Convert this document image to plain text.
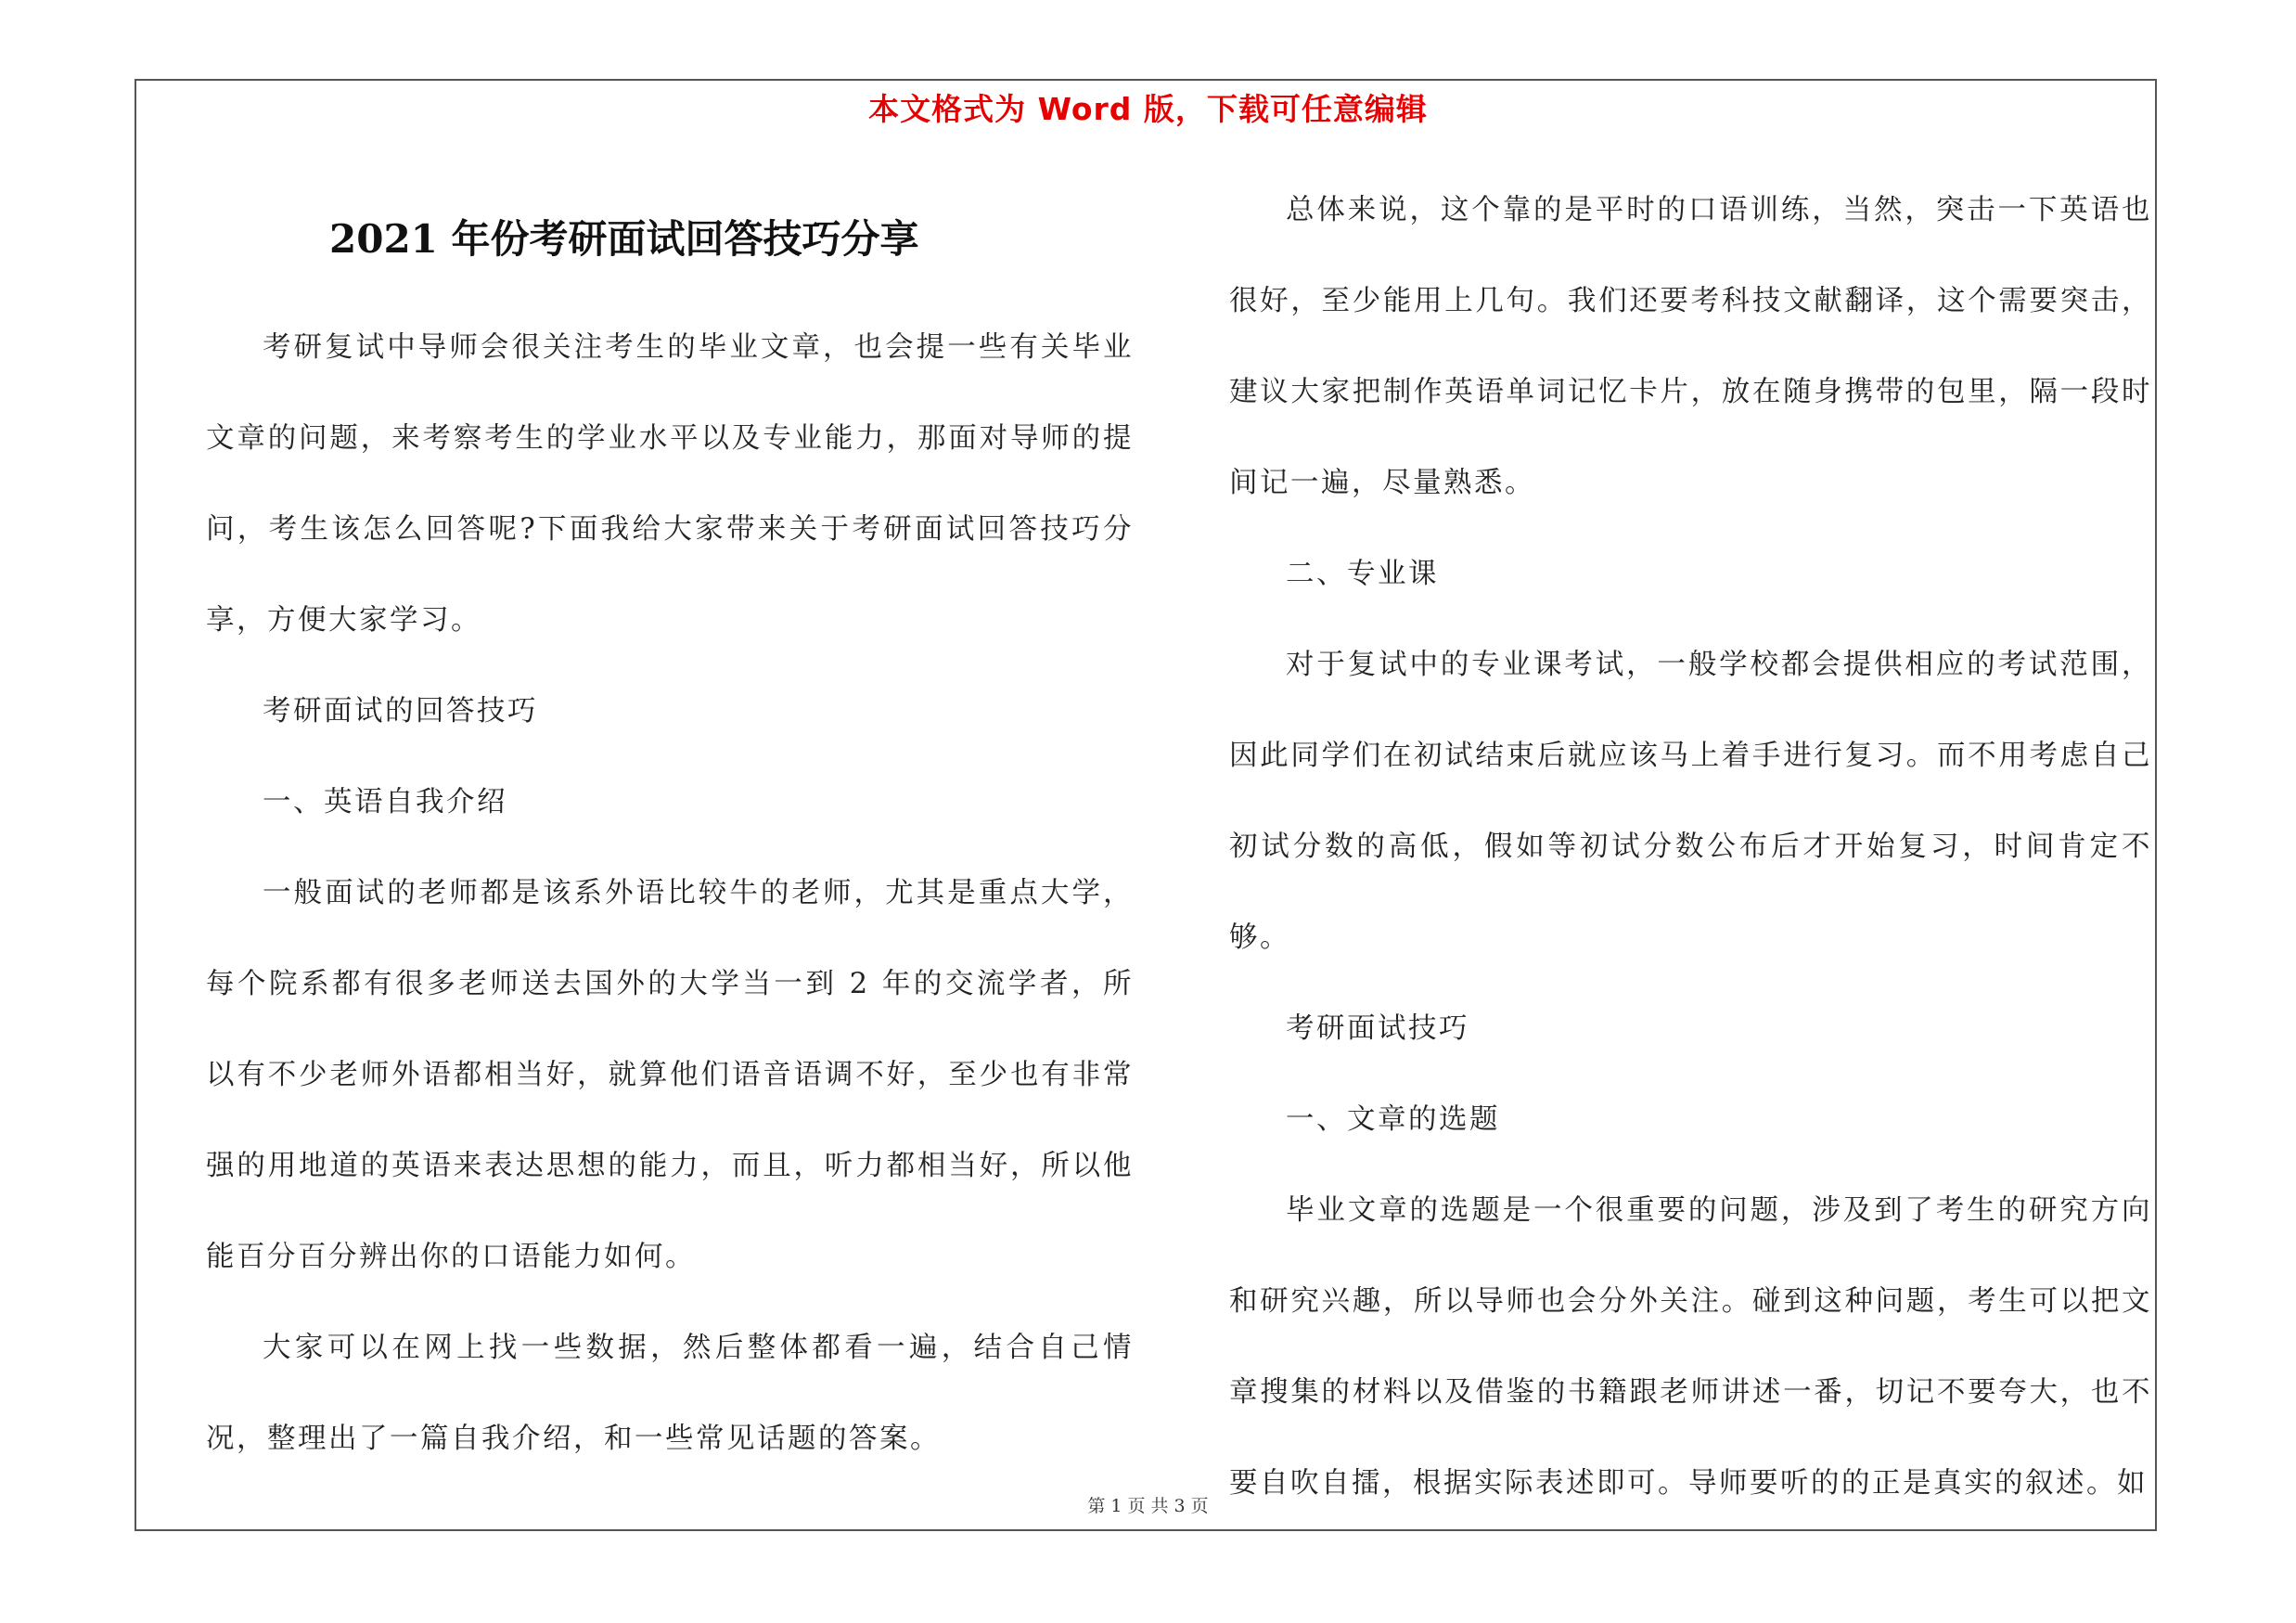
本文格式为 Word 版，下载可任意编辑
2021 年份考研面试回答技巧分享

考研复试中导师会很关注考生的毕业文章，也会提一些有关毕业文章的问题，来考察考生的学业水平以及专业能力，那面对导师的提问，考生该怎么回答呢?下面我给大家带来关于考研面试回答技巧分享，方便大家学习。

考研面试的回答技巧

一、英语自我介绍

一般面试的老师都是该系外语比较牛的老师，尤其是重点大学，每个院系都有很多老师送去国外的大学当一到 2 年的交流学者，所以有不少老师外语都相当好，就算他们语音语调不好，至少也有非常强的用地道的英语来表达思想的能力，而且，听力都相当好，所以他能百分百分辨出你的口语能力如何。

大家可以在网上找一些数据，然后整体都看一遍，结合自己情况，整理出了一篇自我介绍，和一些常见话题的答案。

总体来说，这个靠的是平时的口语训练，当然，突击一下英语也很好，至少能用上几句。我们还要考科技文献翻译，这个需要突击，建议大家把制作英语单词记忆卡片，放在随身携带的包里，隔一段时间记一遍，尽量熟悉。

二、专业课

对于复试中的专业课考试，一般学校都会提供相应的考试范围，因此同学们在初试结束后就应该马上着手进行复习。而不用考虑自己初试分数的高低，假如等初试分数公布后才开始复习，时间肯定不够。

考研面试技巧

一、文章的选题

毕业文章的选题是一个很重要的问题，涉及到了考生的研究方向和研究兴趣，所以导师也会分外关注。碰到这种问题，考生可以把文章搜集的材料以及借鉴的书籍跟老师讲述一番，切记不要夸大，也不要自吹自擂，根据实际表述即可。导师要听的的正是真实的叙述。如

第 1 页 共 3 页
